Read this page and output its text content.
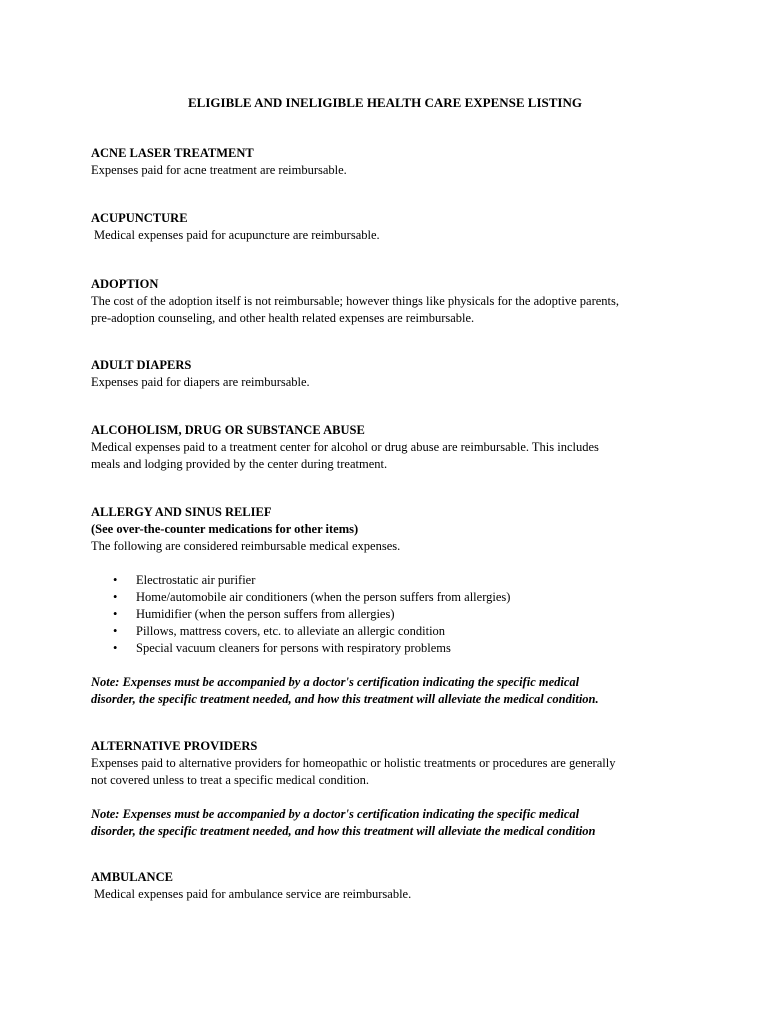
ELIGIBLE AND INELIGIBLE HEALTH CARE EXPENSE LISTING

ACNE LASER TREATMENT

Expenses paid for acne treatment are reimbursable.

ACUPUNCTURE

Medical expenses paid for acupuncture are reimbursable.

ADOPTION

The cost of the adoption itself is not reimbursable; however things like physicals for the adoptive parents,

pre-adoption counseling, and other health related expenses are reimbursable.

ADULT DIAPERS

Expenses paid for diapers are reimbursable.

ALCOHOLISM, DRUG OR SUBSTANCE ABUSE

Medical expenses paid to a treatment center for alcohol or drug abuse are reimbursable. This includes

meals and lodging provided by the center during treatment.

ALLERGY AND SINUS RELIEF

(See over-the-counter medications for other items)

The following are considered reimbursable medical expenses.

• Electrostatic air purifier
• Home/automobile air conditioners (when the person suffers from allergies)
• Humidifier (when the person suffers from allergies)
• Pillows, mattress covers, etc. to alleviate an allergic condition
• Special vacuum cleaners for persons with respiratory problems

Note: Expenses must be accompanied by a doctor's certification indicating the specific medical

disorder, the specific treatment needed, and how this treatment will alleviate the medical condition.

ALTERNATIVE PROVIDERS

Expenses paid to alternative providers for homeopathic or holistic treatments or procedures are generally

not covered unless to treat a specific medical condition.

Note: Expenses must be accompanied by a doctor's certification indicating the specific medical

disorder, the specific treatment needed, and how this treatment will alleviate the medical condition

AMBULANCE

Medical expenses paid for ambulance service are reimbursable.
